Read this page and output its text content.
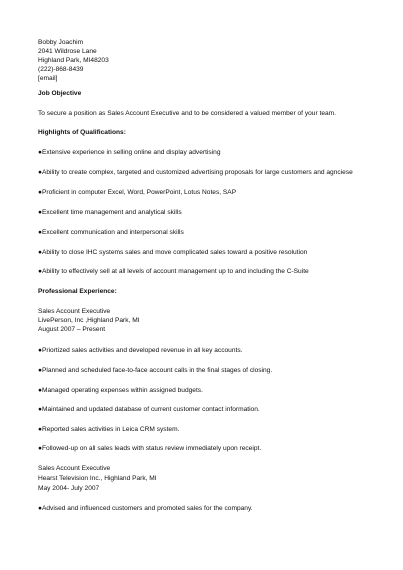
Bobby Joachim
2041 Wildrose Lane
Highland Park, MI48203
(222)-868-8439
[email]
Job Objective
To secure a position as Sales Account Executive and to be considered a valued member of your team.
Highlights of Qualifications:
●Extensive experience in selling online and display advertising
●Ability to create complex, targeted and customized advertising proposals for large customers and agnciese
●Proficient in computer Excel, Word, PowerPoint, Lotus Notes, SAP
●Excellent time management and analytical skills
●Excellent communication and interpersonal skills
●Ability to close IHC systems sales and move complicated sales toward a positive resolution
●Ability to effectively sell at all levels of account management up to and including the C-Suite
Professional Experience:
Sales Account Executive
LivePerson, Inc ,Highland Park, MI
August 2007 – Present
●Priortized sales activities and developed revenue in all key accounts.
●Planned and scheduled face-to-face account calls in the final stages of closing.
●Managed operating expenses within assigned budgets.
●Maintained and updated database of current customer contact information.
●Reported sales activities in Leica CRM system.
●Followed-up on all sales leads with status review immediately upon receipt.
Sales Account Executive
Hearst Television Inc., Highland Park, MI
May 2004- July 2007
●Advised and influenced customers and promoted sales for the company.
